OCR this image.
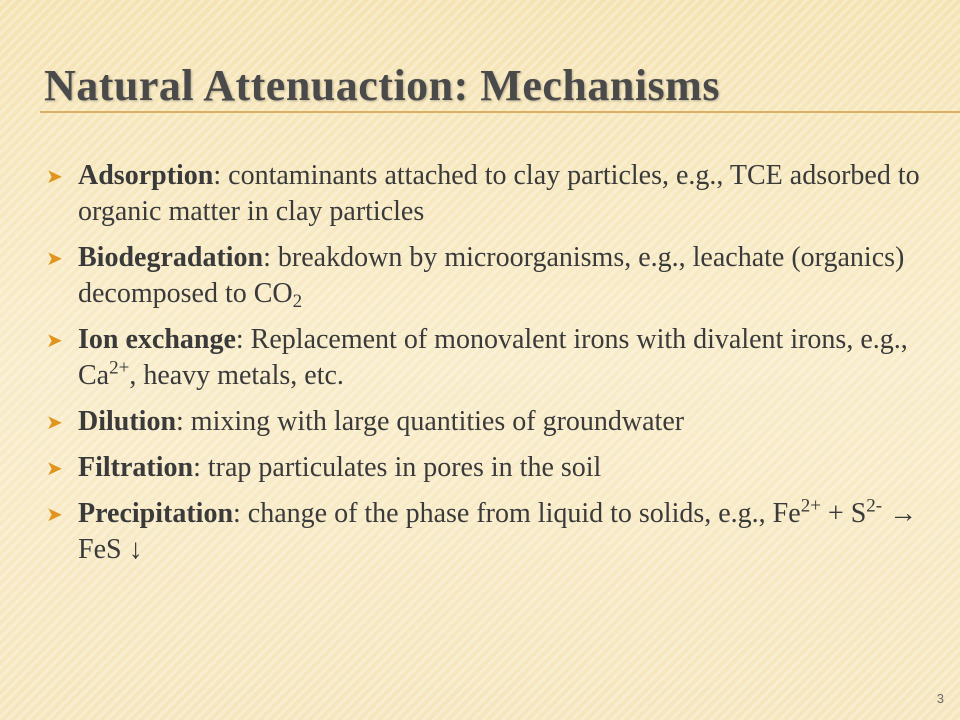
Natural Attenuaction: Mechanisms
➤ Adsorption: contaminants attached to clay particles, e.g., TCE adsorbed to organic matter in clay particles
➤ Biodegradation: breakdown by microorganisms, e.g., leachate (organics) decomposed to $CO_2$
➤ Ion exchange: Replacement of monovalent irons with divalent irons, e.g., $Ca^{2+}$, heavy metals, etc.
➤ Dilution: mixing with large quantities of groundwater
➤ Filtration: trap particulates in pores in the soil
➤ Precipitation: change of the phase from liquid to solids, e.g., $Fe^{2+} + S^{2-}$ → FeS ↓
3
